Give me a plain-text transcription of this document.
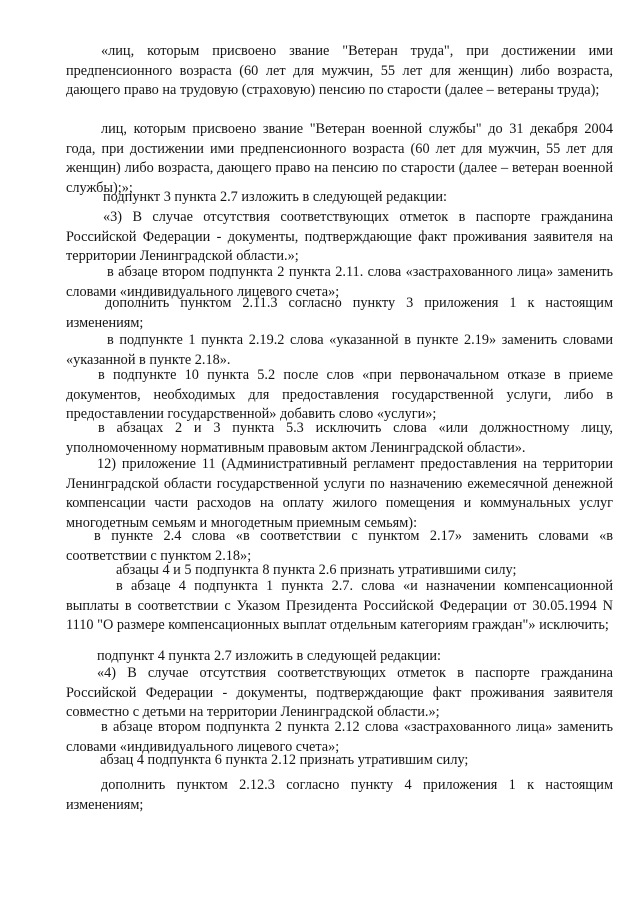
«лиц, которым присвоено звание "Ветеран труда", при достижении ими предпенсионного возраста (60 лет для мужчин, 55 лет для женщин) либо возраста, дающего право на трудовую (страховую) пенсию по старости (далее – ветераны труда);

лиц, которым присвоено звание "Ветеран военной службы" до 31 декабря 2004 года, при достижении ими предпенсионного возраста (60 лет для мужчин, 55 лет для женщин) либо возраста, дающего право на пенсию по старости (далее – ветеран военной службы);»;

подпункт 3 пункта 2.7 изложить в следующей редакции:

«3) В случае отсутствия соответствующих отметок в паспорте гражданина Российской Федерации - документы, подтверждающие факт проживания заявителя на территории Ленинградской области.»;

в абзаце втором подпункта 2 пункта 2.11. слова «застрахованного лица» заменить словами «индивидуального лицевого счета»;

дополнить пунктом 2.11.3 согласно пункту 3 приложения 1 к настоящим изменениям;

в подпункте 1 пункта 2.19.2 слова «указанной в пункте 2.19» заменить словами «указанной в пункте 2.18».

в подпункте 10 пункта 5.2 после слов «при первоначальном отказе в приеме документов, необходимых для предоставления государственной услуги, либо в предоставлении государственной» добавить слово «услуги»;

в абзацах 2 и 3 пункта 5.3 исключить слова «или должностному лицу, уполномоченному нормативным правовым актом Ленинградской области».

12) приложение 11 (Административный регламент предоставления на территории Ленинградской области государственной услуги по назначению ежемесячной денежной компенсации части расходов на оплату жилого помещения и коммунальных услуг многодетным семьям и многодетным приемным семьям):

в пункте 2.4 слова «в соответствии с пунктом 2.17» заменить словами «в соответствии с пунктом 2.18»;

абзацы 4 и 5 подпункта 8 пункта 2.6 признать утратившими силу;

в абзаце 4 подпункта 1 пункта 2.7. слова «и назначении компенсационной выплаты в соответствии с Указом Президента Российской Федерации от 30.05.1994 N 1110 "О размере компенсационных выплат отдельным категориям граждан"» исключить;

подпункт 4 пункта 2.7 изложить в следующей редакции:

«4) В случае отсутствия соответствующих отметок в паспорте гражданина Российской Федерации - документы, подтверждающие факт проживания заявителя совместно с детьми на территории Ленинградской области.»;

в абзаце втором подпункта 2 пункта 2.12 слова «застрахованного лица» заменить словами «индивидуального лицевого счета»;

абзац 4 подпункта 6 пункта 2.12 признать утратившим силу;

дополнить пунктом 2.12.3 согласно пункту 4 приложения 1 к настоящим изменениям;
